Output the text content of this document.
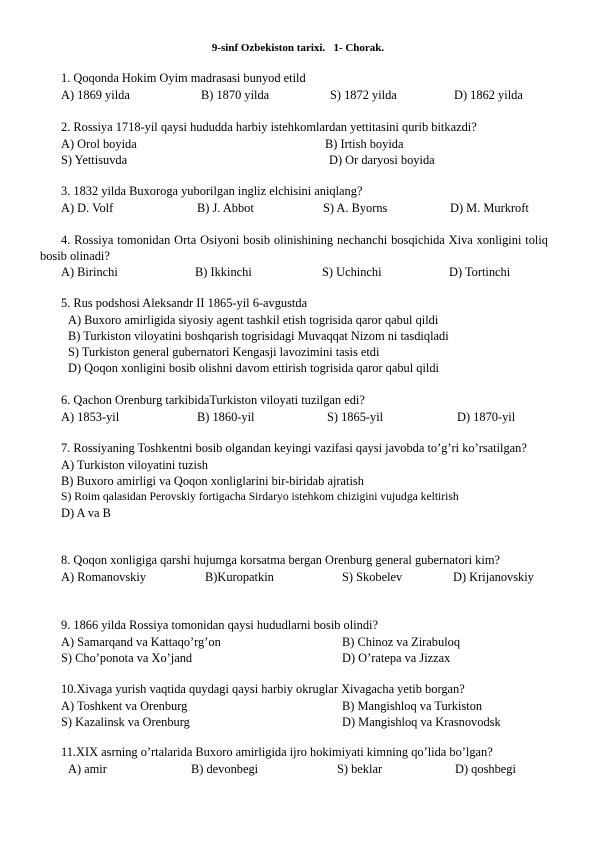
9-sinf Ozbekiston tarixi.   1- Chorak.
1. Qoqonda Hokim Oyim madrasasi bunyod etild
A) 1869 yilda	B) 1870 yilda	S) 1872 yilda	D) 1862 yilda
2. Rossiya 1718-yil qaysi hududda harbiy istehkomlardan yettitasini qurib bitkazdi?
A) Orol boyida	B) Irtish boyida
S) Yettisuvda	D) Or daryosi boyida
3. 1832 yilda Buxoroga yuborilgan ingliz elchisini aniqlang?
A) D. Volf	B) J. Abbot	S) A. Byorns	D) M. Murkroft
4. Rossiya tomonidan Orta Osiyoni bosib olinishining nechanchi bosqichida Xiva xonligini toliq bosib olinadi?
A) Birinchi	B) Ikkinchi	S) Uchinchi	D) Tortinchi
5. Rus podshosi Aleksandr II 1865-yil 6-avgustda
A) Buxoro amirligida siyosiy agent tashkil etish togrisida qaror qabul qildi
B) Turkiston viloyatini boshqarish togrisidagi Muvaqqat Nizom ni tasdiqladi
S) Turkiston general gubernatori Kengasji lavozimini tasis etdi
D) Qoqon xonligini bosib olishni davom ettirish togrisida qaror qabul qildi
6. Qachon Orenburg tarkibidaTurkiston viloyati tuzilgan edi?
A) 1853-yil	B) 1860-yil	S) 1865-yil	D) 1870-yil
7. Rossiyaning Toshkentni bosib olgandan keyingi vazifasi qaysi javobda to’g’ri ko’rsatilgan?
A) Turkiston viloyatini tuzish
B) Buxoro amirligi va Qoqon xonliglarini bir-biridab ajratish
S) Roim qalasidan Perovskiy fortigacha Sirdaryo istehkom chizigini vujudga keltirish
D) A va B
8. Qoqon xonligiga qarshi hujumga korsatma bergan Orenburg general gubernatori kim?
A) Romanovskiy	B)Kuropatkin	S) Skobelev	D) Krijanovskiy
9. 1866 yilda Rossiya tomonidan qaysi hududlarni bosib olindi?
A) Samarqand va Kattaqo’rg’on	B) Chinoz va Zirabuloq
S) Cho’ponota va Xo’jand	D) O’ratepa va Jizzax
10.Xivaga yurish vaqtida quydagi qaysi harbiy okruglar Xivagacha yetib borgan?
A) Toshkent va Orenburg	B) Mangishloq va Turkiston
S) Kazalinsk va Orenburg	D) Mangishloq va Krasnovodsk
11.XIX asrning o’rtalarida Buxoro amirligida ijro hokimiyati kimning qo’lida bo’lgan?
A) amir	B) devonbegi	S) beklar	D) qoshbegi
